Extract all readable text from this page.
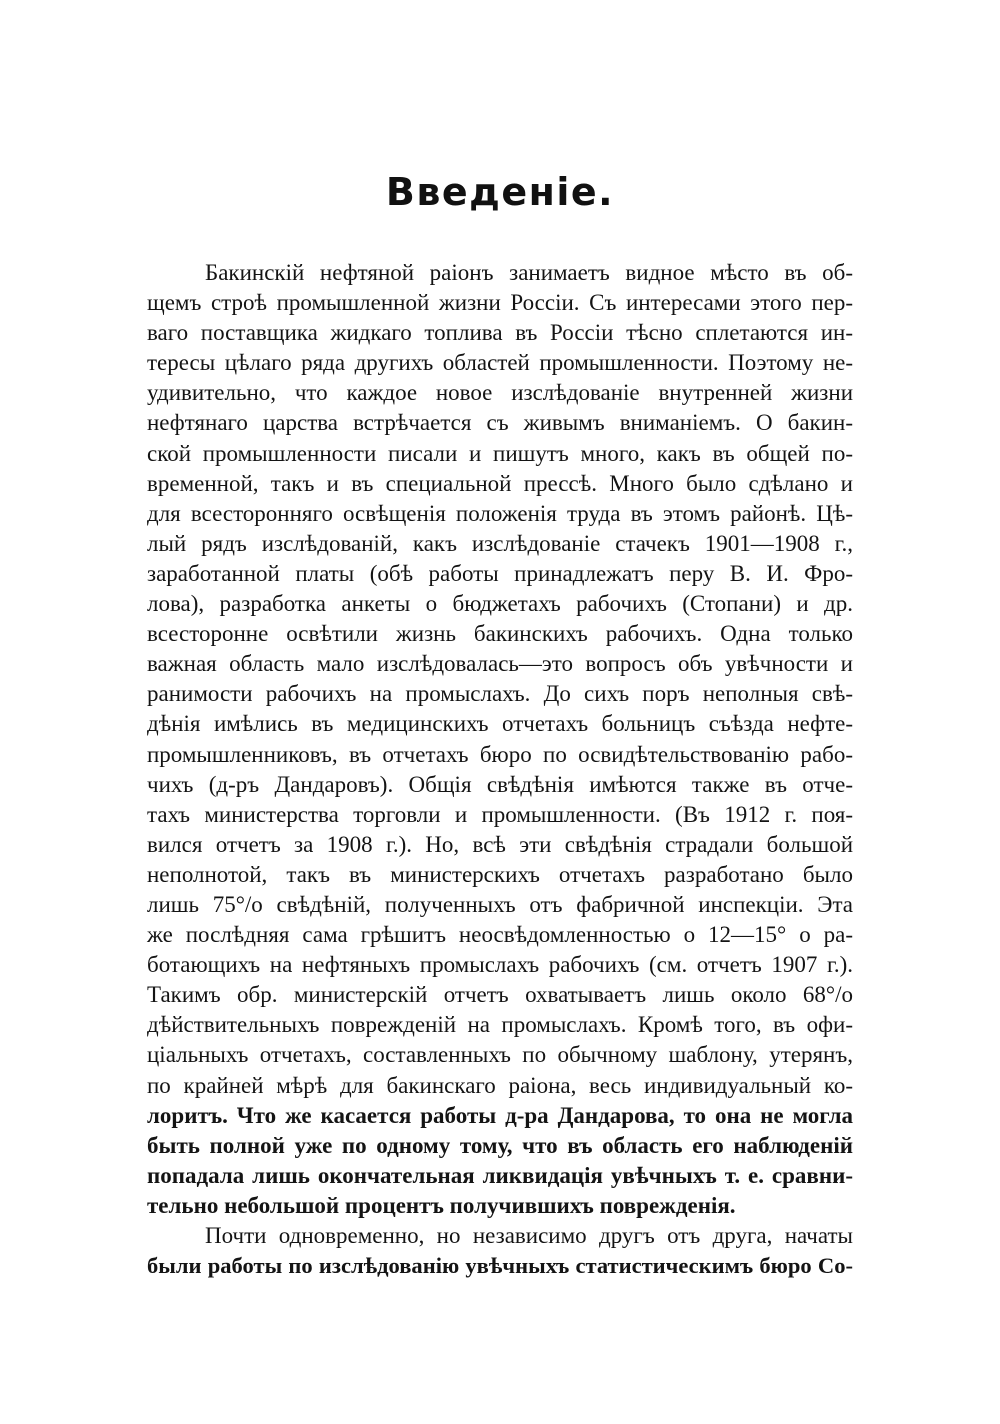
Введеніе.
Бакинскій нефтяной раіонъ занимаетъ видное мѣсто въ об-
щемъ строѣ промышленной жизни Россіи. Съ интересами этого пер-
ваго поставщика жидкаго топлива въ Россіи тѣсно сплетаются ин-
тересы цѣлаго ряда другихъ областей промышленности. Поэтому не-
удивительно, что каждое новое изслѣдованіе внутренней жизни
нефтянаго царства встрѣчается съ живымъ вниманіемъ. О бакин-
ской промышленности писали и пишутъ много, какъ въ общей по-
временной, такъ и въ специальной прессѣ. Много было сдѣлано и
для всесторонняго освѣщенія положенія труда въ этомъ районѣ. Цѣ-
лый рядъ изслѣдованій, какъ изслѣдованіе стачекъ 1901—1908 г.,
заработанной платы (обѣ работы принадлежатъ перу В. И. Фро-
лова), разработка анкеты о бюджетахъ рабочихъ (Стопани) и др.
всесторонне освѣтили жизнь бакинскихъ рабочихъ. Одна только
важная область мало изслѣдовалась—это вопросъ объ увѣчности и
ранимости рабочихъ на промыслахъ. До сихъ поръ неполныя свѣ-
дѣнія имѣлись въ медицинскихъ отчетахъ больницъ съѣзда нефте-
промышленниковъ, въ отчетахъ бюро по освидѣтельствованію рабо-
чихъ (д-ръ Дандаровъ). Общія свѣдѣнія имѣются также въ отче-
тахъ министерства торговли и промышленности. (Въ 1912 г. поя-
вился отчетъ за 1908 г.). Но, всѣ эти свѣдѣнія страдали большой
неполнотой, такъ въ министерскихъ отчетахъ разработано было
лишь 75°/о свѣдѣній, полученныхъ отъ фабричной инспекціи. Эта
же послѣдняя сама грѣшитъ неосвѣдомленностью о 12—15° о ра-
ботающихъ на нефтяныхъ промыслахъ рабочихъ (см. отчетъ 1907 г.).
Такимъ обр. министерскій отчетъ охватываетъ лишь около 68°/о
дѣйствительныхъ поврежденій на промыслахъ. Кромѣ того, въ офи-
ціальныхъ отчетахъ, составленныхъ по обычному шаблону, утерянъ,
по крайней мѣрѣ для бакинскаго раіона, весь индивидуальный ко-
лоритъ. Что же касается работы д-ра Дандарова, то она не могла
быть полной уже по одному тому, что въ область его наблюденій
попадала лишь окончательная ликвидація увѣчныхъ т. е. сравни-
тельно небольшой процентъ получившихъ поврежденія.
Почти одновременно, но независимо другъ отъ друга, начаты
были работы по изслѣдованію увѣчныхъ статистическимъ бюро Со-
